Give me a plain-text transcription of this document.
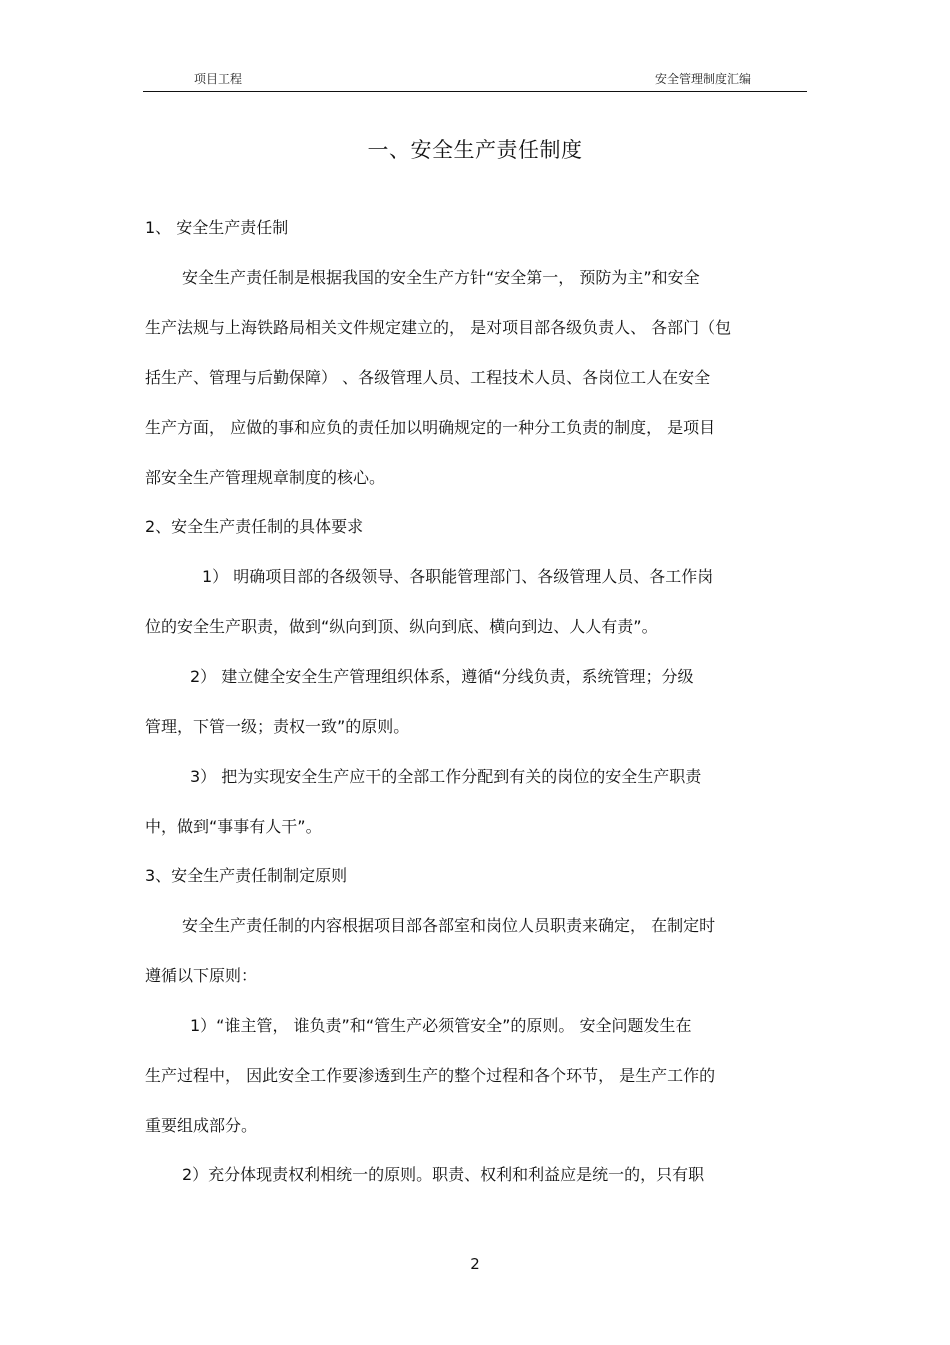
项目工程	安全管理制度汇编
一、安全生产责任制度
1、 安全生产责任制
安全生产责任制是根据我国的安全生产方针“安全第一， 预防为主”和安全
生产法规与上海铁路局相关文件规定建立的， 是对项目部各级负责人、 各部门（包
括生产、管理与后勤保障） 、各级管理人员、工程技术人员、各岗位工人在安全
生产方面， 应做的事和应负的责任加以明确规定的一种分工负责的制度， 是项目
部安全生产管理规章制度的核心。
2、安全生产责任制的具体要求
1） 明确项目部的各级领导、各职能管理部门、各级管理人员、各工作岗
位的安全生产职责，做到“纵向到顶、纵向到底、横向到边、人人有责”。
2） 建立健全安全生产管理组织体系，遵循“分线负责，系统管理；分级
管理，下管一级；责权一致”的原则。
3） 把为实现安全生产应干的全部工作分配到有关的岗位的安全生产职责
中，做到“事事有人干”。
3、安全生产责任制制定原则
安全生产责任制的内容根据项目部各部室和岗位人员职责来确定， 在制定时
遵循以下原则：
1）“谁主管， 谁负责”和“管生产必须管安全”的原则。 安全问题发生在
生产过程中， 因此安全工作要渗透到生产的整个过程和各个环节， 是生产工作的
重要组成部分。
2）充分体现责权利相统一的原则。职责、权利和利益应是统一的，只有职
2
